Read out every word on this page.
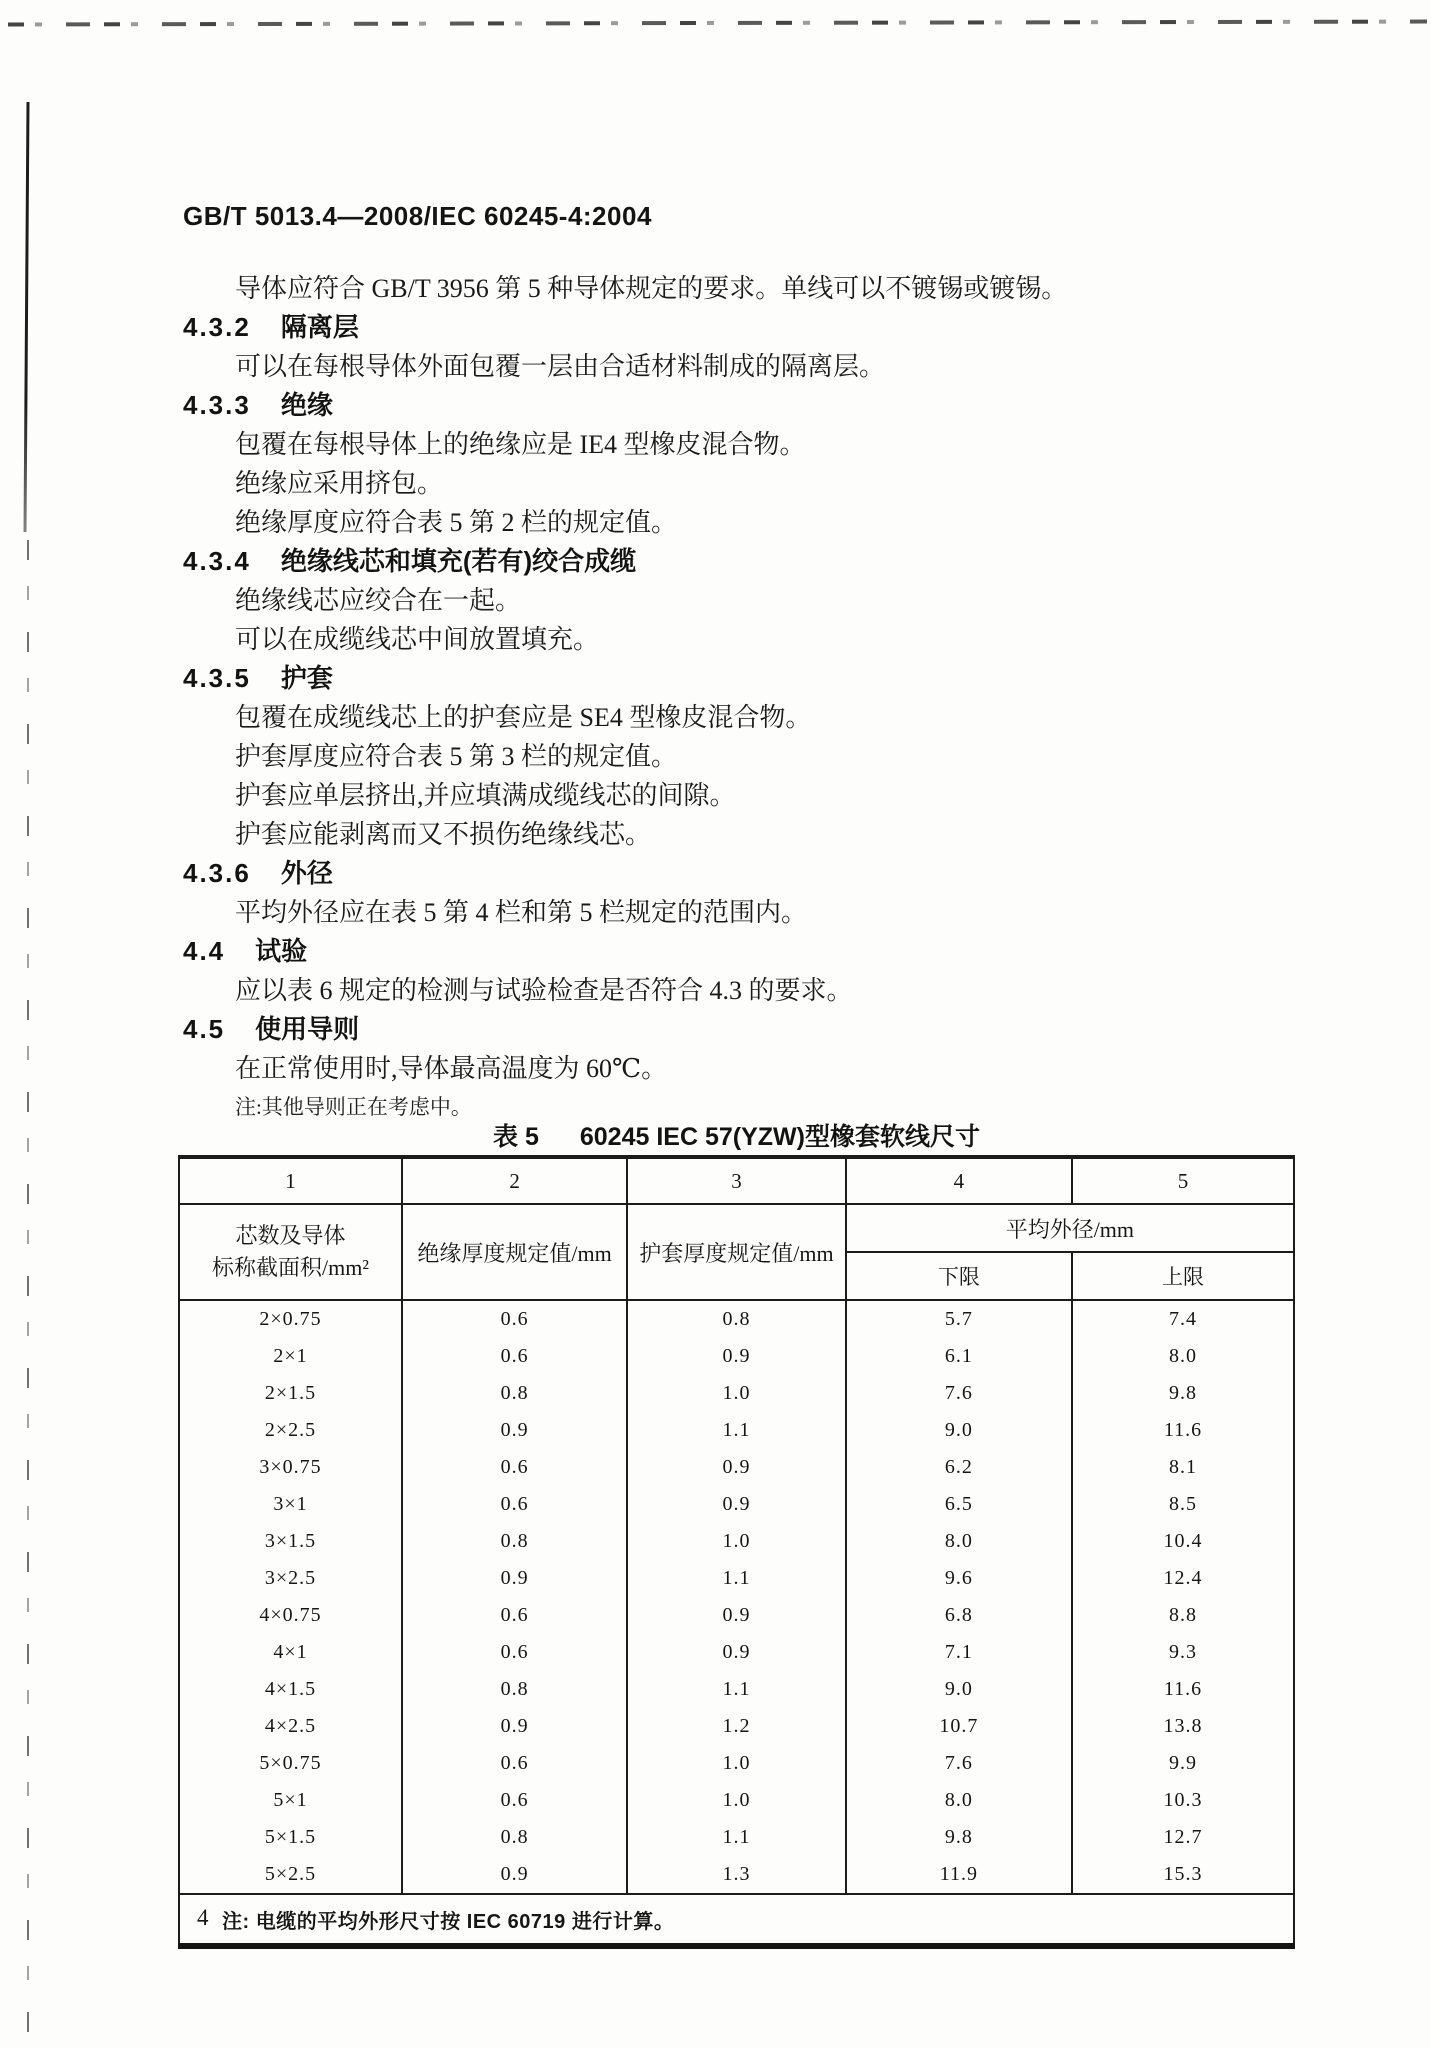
GB/T 5013.4—2008/IEC 60245-4:2004
导体应符合 GB/T 3956 第 5 种导体规定的要求。单线可以不镀锡或镀锡。
4.3.2 隔离层
可以在每根导体外面包覆一层由合适材料制成的隔离层。
4.3.3 绝缘
包覆在每根导体上的绝缘应是 IE4 型橡皮混合物。
绝缘应采用挤包。
绝缘厚度应符合表 5 第 2 栏的规定值。
4.3.4 绝缘线芯和填充(若有)绞合成缆
绝缘线芯应绞合在一起。
可以在成缆线芯中间放置填充。
4.3.5 护套
包覆在成缆线芯上的护套应是 SE4 型橡皮混合物。
护套厚度应符合表 5 第 3 栏的规定值。
护套应单层挤出,并应填满成缆线芯的间隙。
护套应能剥离而又不损伤绝缘线芯。
4.3.6 外径
平均外径应在表 5 第 4 栏和第 5 栏规定的范围内。
4.4 试验
应以表 6 规定的检测与试验检查是否符合 4.3 的要求。
4.5 使用导则
在正常使用时,导体最高温度为 60℃。
注:其他导则正在考虑中。
表 5 60245 IEC 57(YZW)型橡套软线尺寸
1	2	3	4	5

芯数及导体
标称截面积/mm²	绝缘厚度规定值/mm	护套厚度规定值/mm	平均外径/mm	
			下限	上限
2×0.75	0.6	0.8	5.7	7.4
2×1	0.6	0.9	6.1	8.0
2×1.5	0.8	1.0	7.6	9.8
2×2.5	0.9	1.1	9.0	11.6
3×0.75	0.6	0.9	6.2	8.1
3×1	0.6	0.9	6.5	8.5
3×1.5	0.8	1.0	8.0	10.4
3×2.5	0.9	1.1	9.6	12.4
4×0.75	0.6	0.9	6.8	8.8
4×1	0.6	0.9	7.1	9.3
4×1.5	0.8	1.1	9.0	11.6
4×2.5	0.9	1.2	10.7	13.8
5×0.75	0.6	1.0	7.6	9.9
5×1	0.6	1.0	8.0	10.3
5×1.5	0.8	1.1	9.8	12.7
5×2.5	0.9	1.3	11.9	15.3
注: 电缆的平均外形尺寸按 IEC 60719 进行计算。				
4
